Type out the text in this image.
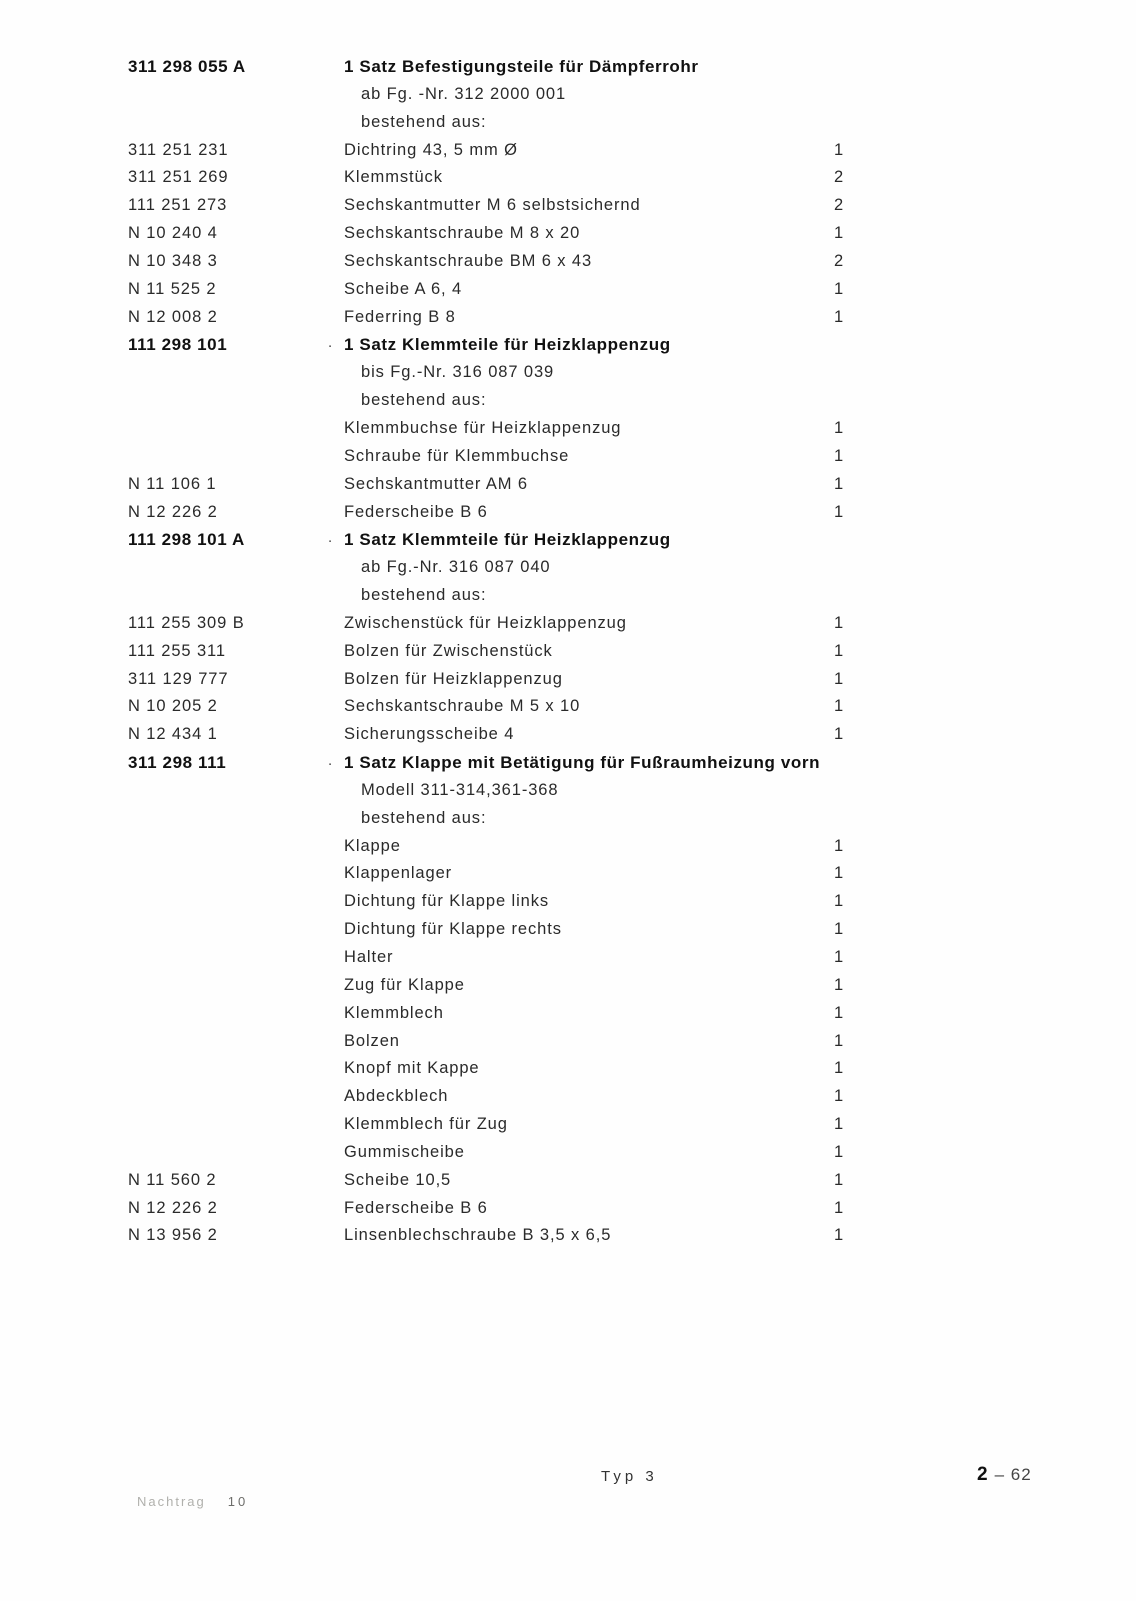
311 298 055 A	1 Satz Befestigungsteile für Dämpferrohr
ab Fg. -Nr. 312 2000 001
bestehend aus:
311 251 231	Dichtring 43, 5 mm Ø	1
311 251 269	Klemmstück	2
111 251 273	Sechskantmutter M 6 selbstsichernd	2
N 10 240 4	Sechskantschraube M 8 x 20	1
N 10 348 3	Sechskantschraube BM 6 x 43	2
N 11 525 2	Scheibe A 6, 4	1
N 12 008 2	Federring B 8	1
111 298 101	. 1 Satz Klemmteile für Heizklappenzug
bis Fg.-Nr. 316 087 039
bestehend aus:
Klemmbuchse für Heizklappenzug	1
Schraube für Klemmbuchse	1
N 11 106 1	Sechskantmutter AM 6	1
N 12 226 2	Federscheibe B 6	1
111 298 101 A	. 1 Satz Klemmteile für Heizklappenzug
ab Fg.-Nr. 316 087 040
bestehend aus:
111 255 309 B	Zwischenstück für Heizklappenzug	1
111 255 311	Bolzen für Zwischenstück	1
311 129 777	Bolzen für Heizklappenzug	1
N 10 205 2	Sechskantschraube M 5 x 10	1
N 12 434 1	Sicherungsscheibe 4	1
311 298 111	. 1 Satz Klappe mit Betätigung für Fußraumheizung vorn
Modell 311-314,361-368
bestehend aus:
Klappe	1
Klappenlager	1
Dichtung für Klappe links	1
Dichtung für Klappe rechts	1
Halter	1
Zug für Klappe	1
Klemmblech	1
Bolzen	1
Knopf mit Kappe	1
Abdeckblech	1
Klemmblech für Zug	1
Gummischeibe	1
N 11 560 2	Scheibe 10,5	1
N 12 226 2	Federscheibe B 6	1
N 13 956 2	Linsenblechschraube B 3,5 x 6,5	1
Typ 3	2 – 62
Nachtrag 10
